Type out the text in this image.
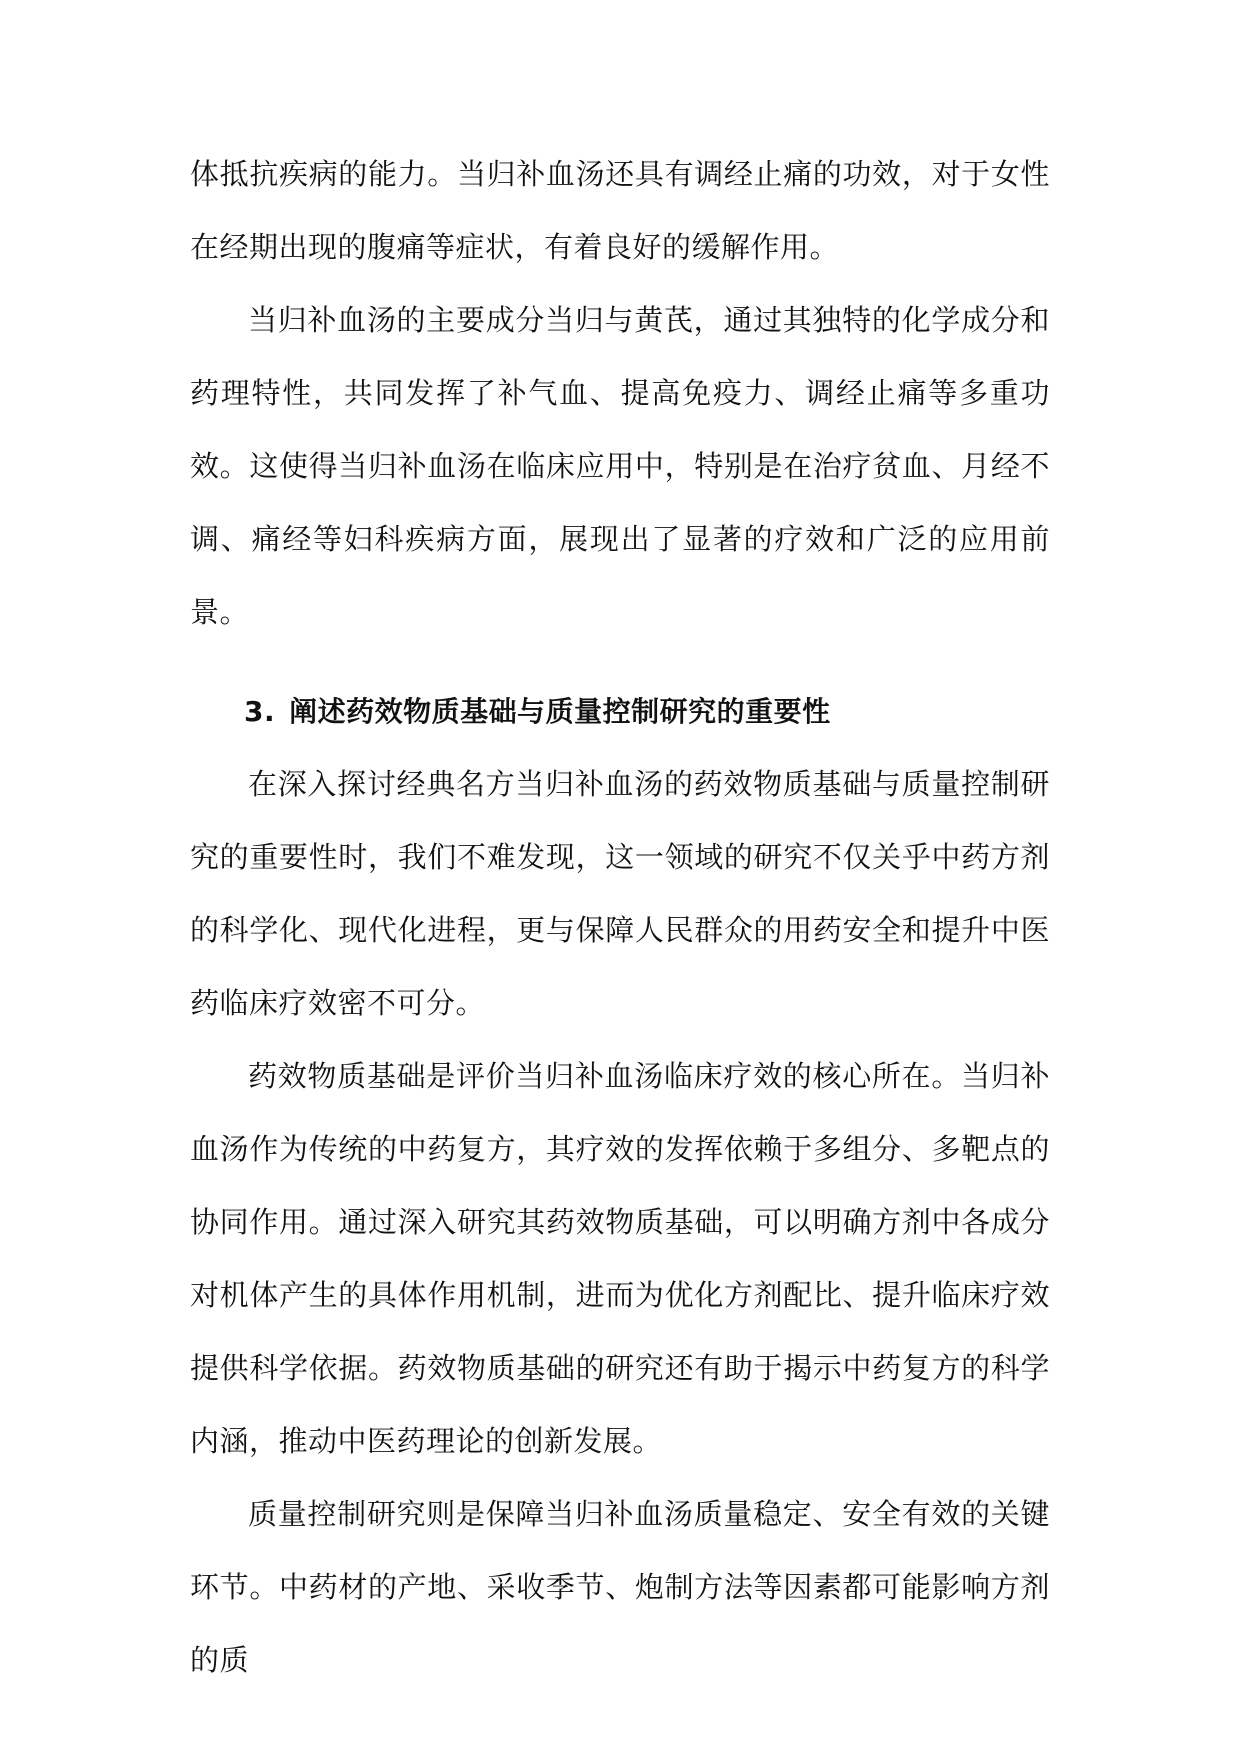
体抵抗疾病的能力。当归补血汤还具有调经止痛的功效，对于女性在经期出现的腹痛等症状，有着良好的缓解作用。

当归补血汤的主要成分当归与黄芪，通过其独特的化学成分和药理特性，共同发挥了补气血、提高免疫力、调经止痛等多重功效。这使得当归补血汤在临床应用中，特别是在治疗贫血、月经不调、痛经等妇科疾病方面，展现出了显著的疗效和广泛的应用前景。

3. 阐述药效物质基础与质量控制研究的重要性

在深入探讨经典名方当归补血汤的药效物质基础与质量控制研究的重要性时，我们不难发现，这一领域的研究不仅关乎中药方剂的科学化、现代化进程，更与保障人民群众的用药安全和提升中医药临床疗效密不可分。

药效物质基础是评价当归补血汤临床疗效的核心所在。当归补血汤作为传统的中药复方，其疗效的发挥依赖于多组分、多靶点的协同作用。通过深入研究其药效物质基础，可以明确方剂中各成分对机体产生的具体作用机制，进而为优化方剂配比、提升临床疗效提供科学依据。药效物质基础的研究还有助于揭示中药复方的科学内涵，推动中医药理论的创新发展。

质量控制研究则是保障当归补血汤质量稳定、安全有效的关键环节。中药材的产地、采收季节、炮制方法等因素都可能影响方剂的质
